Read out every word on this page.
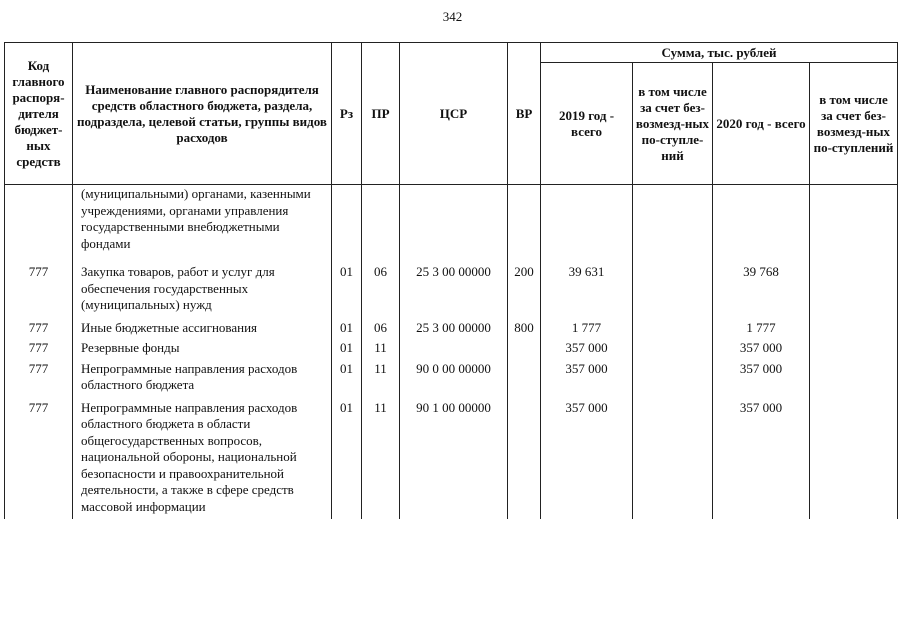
342
Код главного распоря-дителя бюджет-ных средств	Наименование главного распорядителя средств областного бюджета, раздела, подраздела, целевой статьи, группы видов расходов	Рз	ПР	ЦСР	ВР	Сумма, тыс. рублей			
						2019 год - всего	в том числе за счет без-возмезд-ных по-ступле-ний	2020 год - всего	в том числе за счет без-возмезд-ных по-ступлений
	(муниципальными) органами, казенными учреждениями, органами управления государственными внебюджетными фондами								
777	Закупка товаров, работ и услуг для обеспечения государственных (муниципальных) нужд	01	06	25 3 00 00000	200	39 631		39 768	
777	Иные бюджетные ассигнования	01	06	25 3 00 00000	800	1 777		1 777	
777	Резервные фонды	01	11			357 000		357 000	
777	Непрограммные направления расходов областного бюджета	01	11	90 0 00 00000		357 000		357 000	
777	Непрограммные направления расходов областного бюджета в области общегосударственных вопросов, национальной обороны, национальной безопасности и правоохранительной деятельности, а также в сфере средств массовой информации	01	11	90 1 00 00000		357 000		357 000	
